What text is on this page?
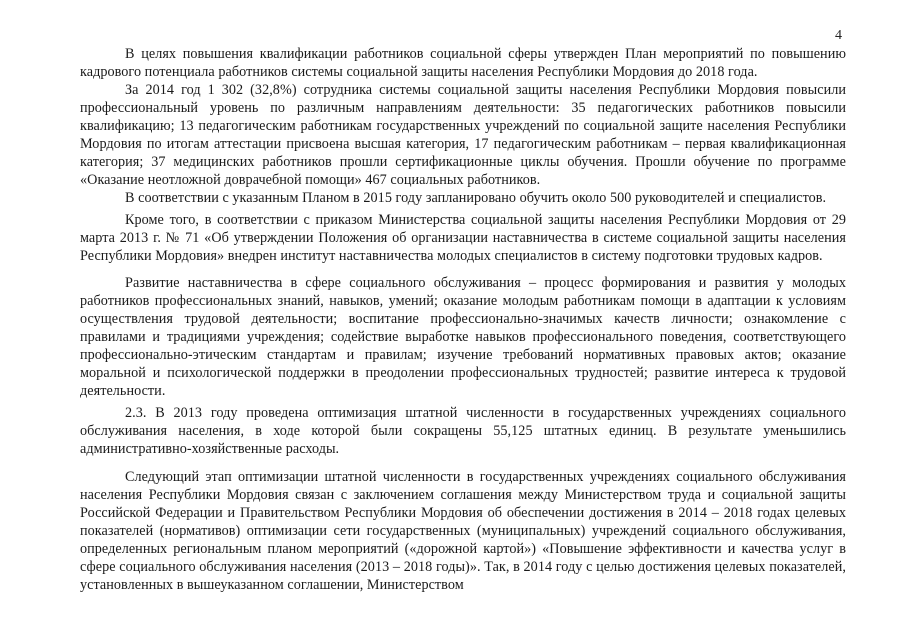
4

В целях повышения квалификации работников социальной сферы утвержден План мероприятий по повышению кадрового потенциала работников системы социальной защиты населения Республики Мордовия до 2018 года.

За 2014 год 1 302 (32,8%) сотрудника системы социальной защиты населения Республики Мордовия повысили профессиональный уровень по различным направлениям деятельности: 35 педагогических работников повысили квалификацию; 13 педагогическим работникам государственных учреждений по социальной защите населения Республики Мордовия по итогам аттестации присвоена высшая категория, 17 педагогическим работникам – первая квалификационная категория; 37 медицинских работников прошли сертификационные циклы обучения. Прошли обучение по программе «Оказание неотложной доврачебной помощи» 467 социальных работников.

В соответствии с указанным Планом в 2015 году запланировано обучить около 500 руководителей и специалистов.

Кроме того, в соответствии с приказом Министерства социальной защиты населения Республики Мордовия от 29 марта 2013 г. № 71 «Об утверждении Положения об организации наставничества в системе социальной защиты населения Республики Мордовия» внедрен институт наставничества молодых специалистов в систему подготовки трудовых кадров.

Развитие наставничества в сфере социального обслуживания – процесс формирования и развития у молодых работников профессиональных знаний, навыков, умений; оказание молодым работникам помощи в адаптации к условиям осуществления трудовой деятельности; воспитание профессионально-значимых качеств личности; ознакомление с правилами и традициями учреждения; содействие выработке навыков профессионального поведения, соответствующего профессионально-этическим стандартам и правилам; изучение требований нормативных правовых актов; оказание моральной и психологической поддержки в преодолении профессиональных трудностей; развитие интереса к трудовой деятельности.

2.3. В 2013 году проведена оптимизация штатной численности в государственных учреждениях социального обслуживания населения, в ходе которой были сокращены 55,125 штатных единиц. В результате уменьшились административно-хозяйственные расходы.

Следующий этап оптимизации штатной численности в государственных учреждениях социального обслуживания населения Республики Мордовия связан с заключением соглашения между Министерством труда и социальной защиты Российской Федерации и Правительством Республики Мордовия об обеспечении достижения в 2014 – 2018 годах целевых показателей (нормативов) оптимизации сети государственных (муниципальных) учреждений социального обслуживания, определенных региональным планом мероприятий («дорожной картой») «Повышение эффективности и качества услуг в сфере социального обслуживания населения (2013 – 2018 годы)». Так, в 2014 году с целью достижения целевых показателей, установленных в вышеуказанном соглашении, Министерством
